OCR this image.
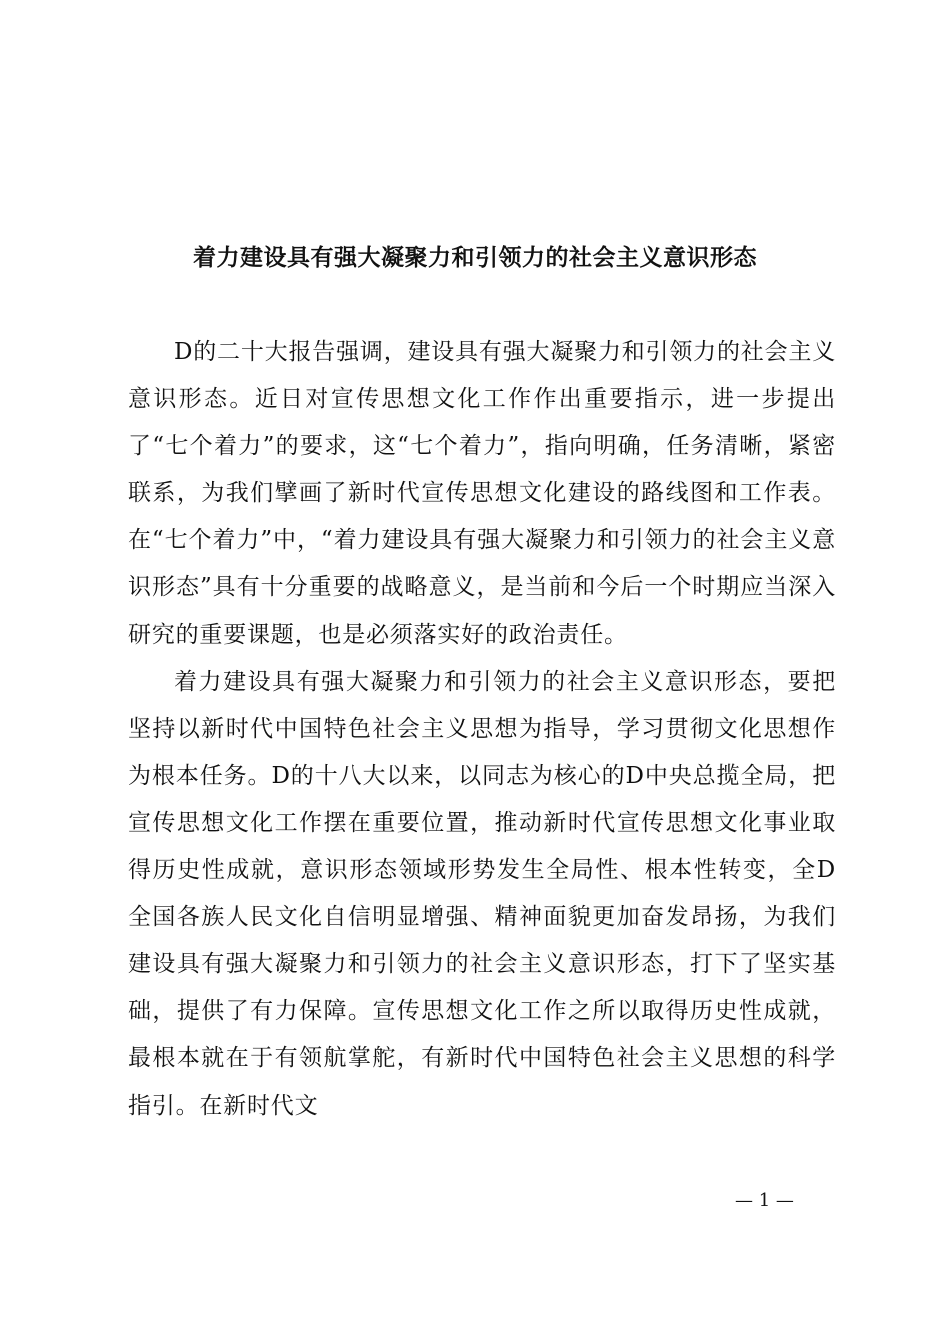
着力建设具有强大凝聚力和引领力的社会主义意识形态

D的二十大报告强调，建设具有强大凝聚力和引领力的社会主义意识形态。近日对宣传思想文化工作作出重要指示，进一步提出了“七个着力”的要求，这“七个着力”，指向明确，任务清晰，紧密联系，为我们擘画了新时代宣传思想文化建设的路线图和工作表。在“七个着力”中，“着力建设具有强大凝聚力和引领力的社会主义意识形态”具有十分重要的战略意义，是当前和今后一个时期应当深入研究的重要课题，也是必须落实好的政治责任。

着力建设具有强大凝聚力和引领力的社会主义意识形态，要把坚持以新时代中国特色社会主义思想为指导，学习贯彻文化思想作为根本任务。D的十八大以来，以同志为核心的D中央总揽全局，把宣传思想文化工作摆在重要位置，推动新时代宣传思想文化事业取得历史性成就，意识形态领域形势发生全局性、根本性转变，全D全国各族人民文化自信明显增强、精神面貌更加奋发昂扬，为我们建设具有强大凝聚力和引领力的社会主义意识形态，打下了坚实基础，提供了有力保障。宣传思想文化工作之所以取得历史性成就，最根本就在于有领航掌舵，有新时代中国特色社会主义思想的科学指引。在新时代文

— 1 —
